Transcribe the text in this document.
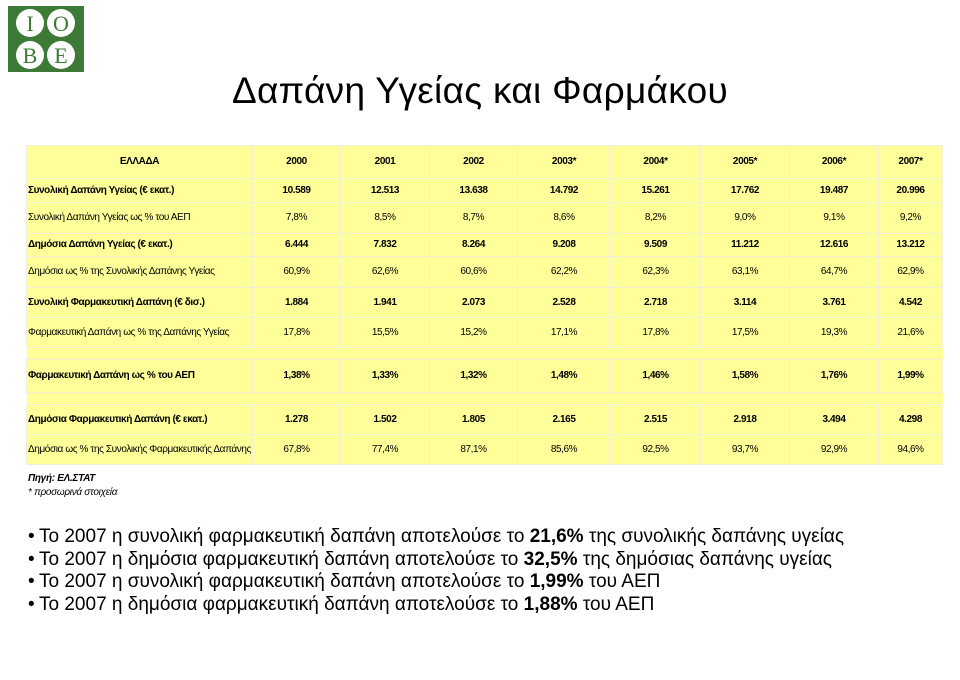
I O
B E
Δαπάνη Υγείας και Φαρμάκου
ΕΛΛΑΔΑ	2000	2001	2002	2003*	2004*	2005*	2006*	2007*
Συνολική Δαπάνη Υγείας (€ εκατ.)	10.589	12.513	13.638	14.792	15.261	17.762	19.487	20.996
Συνολική Δαπάνη Υγείας ως % του ΑΕΠ	7,8%	8,5%	8,7%	8,6%	8,2%	9,0%	9,1%	9,2%
Δημόσια Δαπάνη Υγείας (€ εκατ.)	6.444	7.832	8.264	9.208	9.509	11.212	12.616	13.212
Δημόσια ως % της Συνολικής Δαπάνης Υγείας	60,9%	62,6%	60,6%	62,2%	62,3%	63,1%	64,7%	62,9%
Συνολική Φαρμακευτική Δαπάνη (€ δισ.)	1.884	1.941	2.073	2.528	2.718	3.114	3.761	4.542
Φαρμακευτική Δαπάνη ως % της Δαπάνης Υγείας	17,8%	15,5%	15,2%	17,1%	17,8%	17,5%	19,3%	21,6%

Φαρμακευτική Δαπάνη ως % του ΑΕΠ	1,38%	1,33%	1,32%	1,48%	1,46%	1,58%	1,76%	1,99%

Δημόσια Φαρμακευτική Δαπάνη (€ εκατ.)	1.278	1.502	1.805	2.165	2.515	2.918	3.494	4.298
Δημόσια ως % της Συνολικής Φαρμακευτικής Δαπάνης	67,8%	77,4%	87,1%	85,6%	92,5%	93,7%	92,9%	94,6%
Πηγή: ΕΛ.ΣΤΑΤ
* προσωρινά στοιχεία
• Το 2007 η συνολική φαρμακευτική δαπάνη αποτελούσε το 21,6% της συνολικής δαπάνης υγείας
• Το 2007 η δημόσια φαρμακευτική δαπάνη αποτελούσε το 32,5% της δημόσιας δαπάνης υγείας
• Το 2007 η συνολική φαρμακευτική δαπάνη αποτελούσε το 1,99% του ΑΕΠ
• Το 2007 η δημόσια φαρμακευτική δαπάνη αποτελούσε το 1,88% του ΑΕΠ
